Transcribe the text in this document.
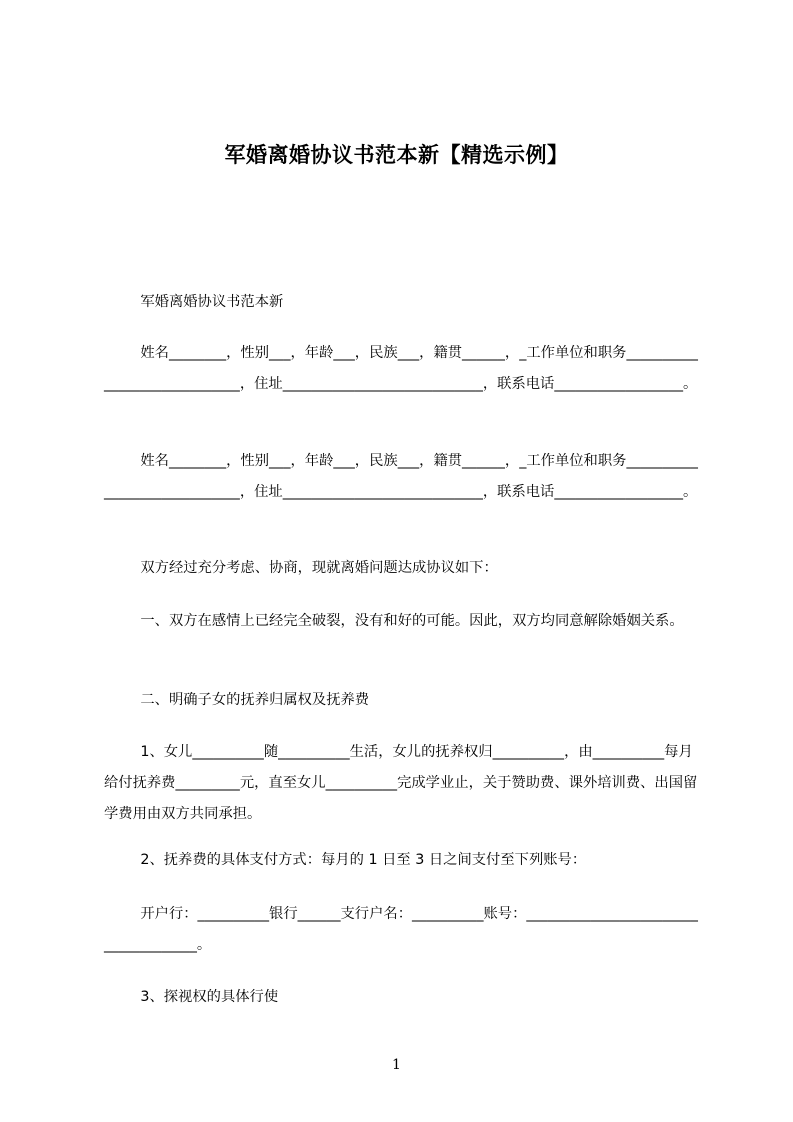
军婚离婚协议书范本新【精选示例】

军婚离婚协议书范本新

姓名________，性别___，年龄___，民族___，籍贯______，_工作单位和职务_____________________________，住址____________________________，联系电话__________________。

姓名________，性别___，年龄___，民族___，籍贯______，_工作单位和职务_____________________________，住址____________________________，联系电话__________________。

双方经过充分考虑、协商，现就离婚问题达成协议如下：

一、双方在感情上已经完全破裂，没有和好的可能。因此，双方均同意解除婚姻关系。

二、明确子女的抚养归属权及抚养费

1、女儿__________随__________生活，女儿的抚养权归__________，由__________每月给付抚养费_________元，直至女儿__________完成学业止，关于赞助费、课外培训费、出国留学费用由双方共同承担。

2、抚养费的具体支付方式：每月的 1 日至 3 日之间支付至下列账号：

开户行：__________银行______支行户名：__________账号：_____________________________________。

3、探视权的具体行使

1
